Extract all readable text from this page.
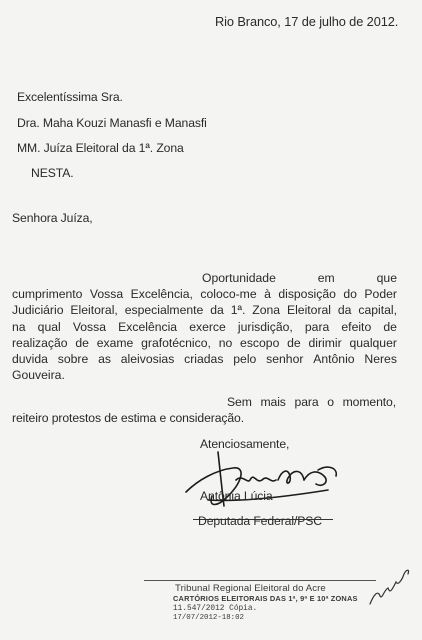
Rio Branco, 17 de julho de 2012.
Excelentíssima Sra.
Dra. Maha Kouzi Manasfi e Manasfi
MM. Juíza Eleitoral da 1ª. Zona
NESTA.
Senhora Juíza,
Oportunidade	em	que
cumprimento Vossa Excelência, coloco-me à disposição do Poder
Judiciário Eleitoral, especialmente da 1ª. Zona Eleitoral da capital,
na qual Vossa Excelência exerce jurisdição, para efeito de
realização de exame grafotécnico, no escopo de dirimir qualquer
duvida sobre as aleivosias criadas pelo senhor Antônio Neres
Gouveira.
Sem mais para o momento,
reiteiro protestos de estima e consideração.
Atenciosamente,
Antônia Lúcia
Deputada Federal/PSC
Tribunal Regional Eleitoral do Acre
CARTÓRIOS ELEITORAIS DAS 1ª, 9ª E 10ª ZONAS
11.547/2012 Cópia.
17/07/2012-18:02
